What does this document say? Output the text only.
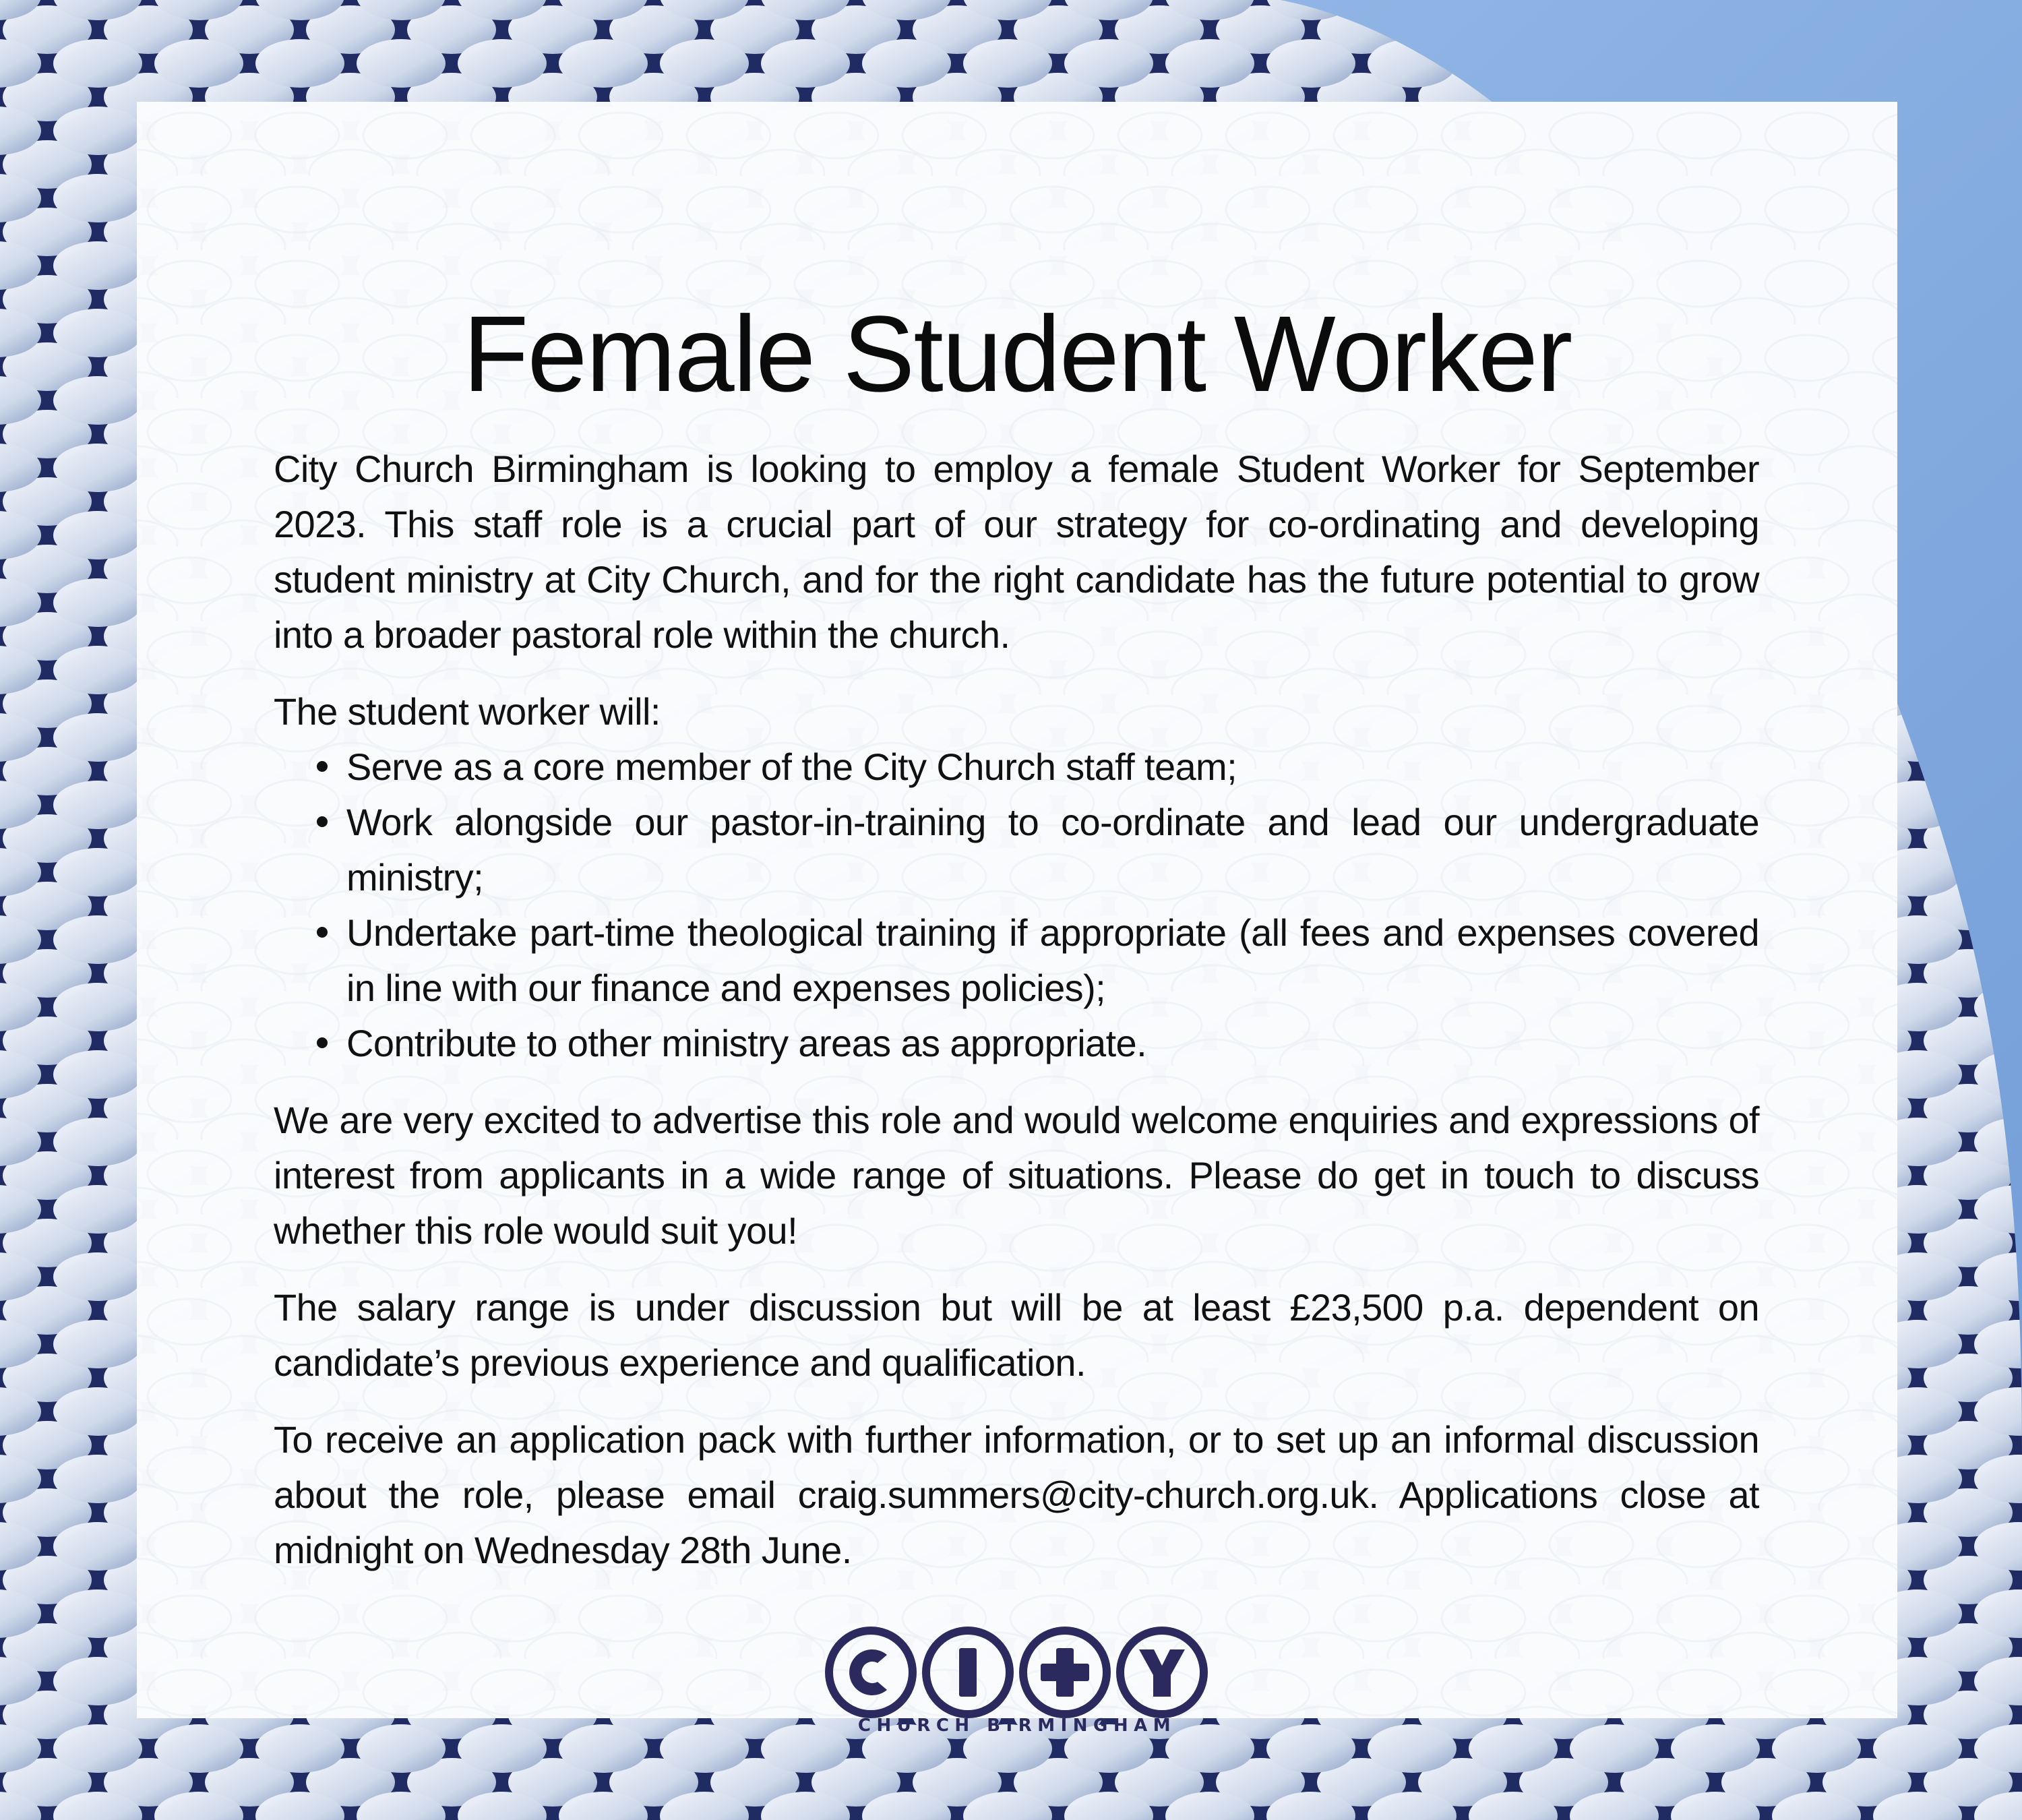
Female Student Worker

City Church Birmingham is looking to employ a female Student Worker for September 2023. This staff role is a crucial part of our strategy for co-ordinating and developing student ministry at City Church, and for the right candidate has the future potential to grow into a broader pastoral role within the church.

The student worker will:

Serve as a core member of the City Church staff team;
Work alongside our pastor-in-training to co-ordinate and lead our undergraduate ministry;
Undertake part-time theological training if appropriate (all fees and expenses covered in line with our finance and expenses policies);
Contribute to other ministry areas as appropriate.

We are very excited to advertise this role and would welcome enquiries and expressions of interest from applicants in a wide range of situations. Please do get in touch to discuss whether this role would suit you!

The salary range is under discussion but will be at least £23,500 p.a. dependent on candidate’s previous experience and qualification.

To receive an application pack with further information, or to set up an informal discussion about the role, please email craig.summers@city-church.org.uk. Applications close at midnight on Wednesday 28th June.

CHURCH BIRMINGHAM
